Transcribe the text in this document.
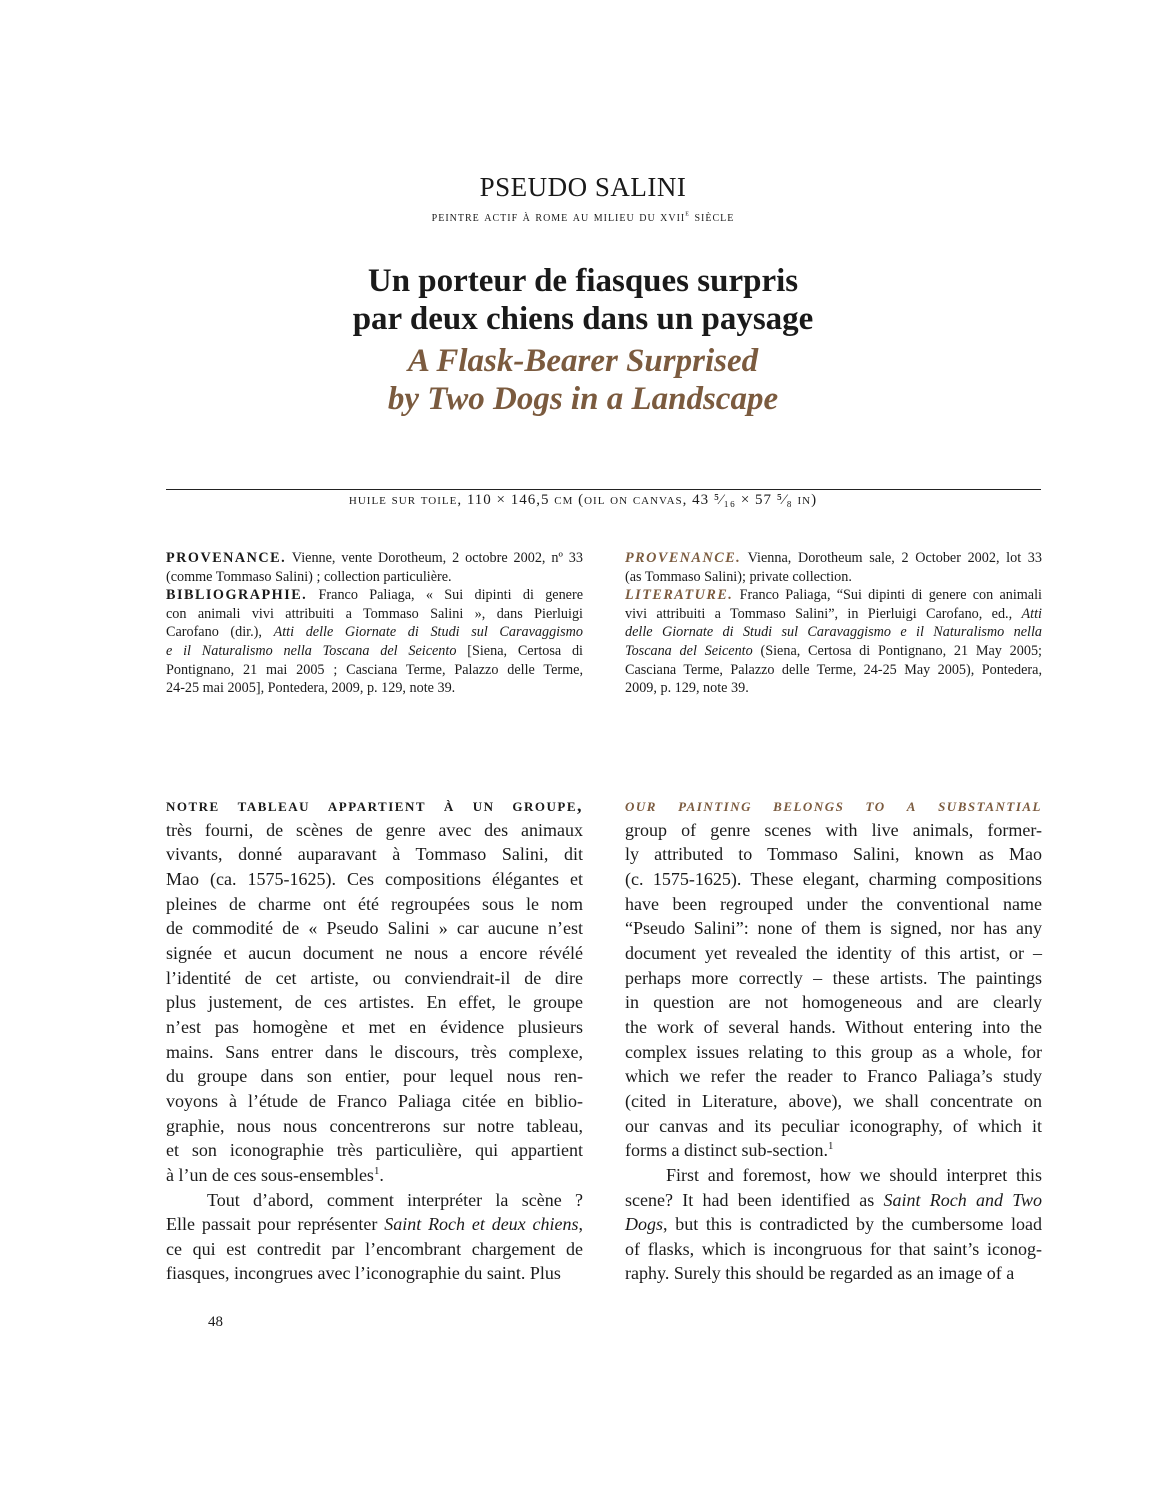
PSEUDO SALINI
peintre actif à rome au milieu du xvii$^e$ siècle
Un porteur de fiasques surpris
par deux chiens dans un paysage
A Flask-Bearer Surprised
by Two Dogs in a Landscape
huile sur toile, 110 × 146,5 cm (oil on canvas, 43 ⁵⁄₁₆ × 57 ⁵⁄₈ in)
PROVENANCE. Vienne, vente Dorotheum, 2 octobre 2002, nº 33
(comme Tommaso Salini) ; collection particulière.
BIBLIOGRAPHIE. Franco Paliaga, « Sui dipinti di genere
con animali vivi attribuiti a Tommaso Salini », dans Pierluigi
Carofano (dir.), Atti delle Giornate di Studi sul Caravaggismo
e il Naturalismo nella Toscana del Seicento [Siena, Certosa di
Pontignano, 21 mai 2005 ; Casciana Terme, Palazzo delle Terme,
24-25 mai 2005], Pontedera, 2009, p. 129, note 39.
PROVENANCE. Vienna, Dorotheum sale, 2 October 2002, lot 33
(as Tommaso Salini); private collection.
LITERATURE. Franco Paliaga, “Sui dipinti di genere con animali
vivi attribuiti a Tommaso Salini”, in Pierluigi Carofano, ed., Atti
delle Giornate di Studi sul Caravaggismo e il Naturalismo nella
Toscana del Seicento (Siena, Certosa di Pontignano, 21 May 2005;
Casciana Terme, Palazzo delle Terme, 24-25 May 2005), Pontedera,
2009, p. 129, note 39.
notre tableau appartient à un groupe,
très fourni, de scènes de genre avec des animaux
vivants, donné auparavant à Tommaso Salini, dit
Mao (ca. 1575-1625). Ces compositions élégantes et
pleines de charme ont été regroupées sous le nom
de commodité de « Pseudo Salini » car aucune n’est
signée et aucun document ne nous a encore révélé
l’identité de cet artiste, ou conviendrait-il de dire
plus justement, de ces artistes. En effet, le groupe
n’est pas homogène et met en évidence plusieurs
mains. Sans entrer dans le discours, très complexe,
du groupe dans son entier, pour lequel nous ren-
voyons à l’étude de Franco Paliaga citée en biblio-
graphie, nous nous concentrerons sur notre tableau,
et son iconographie très particulière, qui appartient
à l’un de ces sous-ensembles$^1$.
Tout d’abord, comment interpréter la scène ?
Elle passait pour représenter Saint Roch et deux chiens,
ce qui est contredit par l’encombrant chargement de
fiasques, incongrues avec l’iconographie du saint. Plus
our painting belongs to a substantial
group of genre scenes with live animals, former-
ly attributed to Tommaso Salini, known as Mao
(c. 1575-1625). These elegant, charming compositions
have been regrouped under the conventional name
“Pseudo Salini”: none of them is signed, nor has any
document yet revealed the identity of this artist, or –
perhaps more correctly – these artists. The paintings
in question are not homogeneous and are clearly
the work of several hands. Without entering into the
complex issues relating to this group as a whole, for
which we refer the reader to Franco Paliaga’s study
(cited in Literature, above), we shall concentrate on
our canvas and its peculiar iconography, of which it
forms a distinct sub-section.$^1$
First and foremost, how we should interpret this
scene? It had been identified as Saint Roch and Two
Dogs, but this is contradicted by the cumbersome load
of flasks, which is incongruous for that saint’s iconog-
raphy. Surely this should be regarded as an image of a
48
